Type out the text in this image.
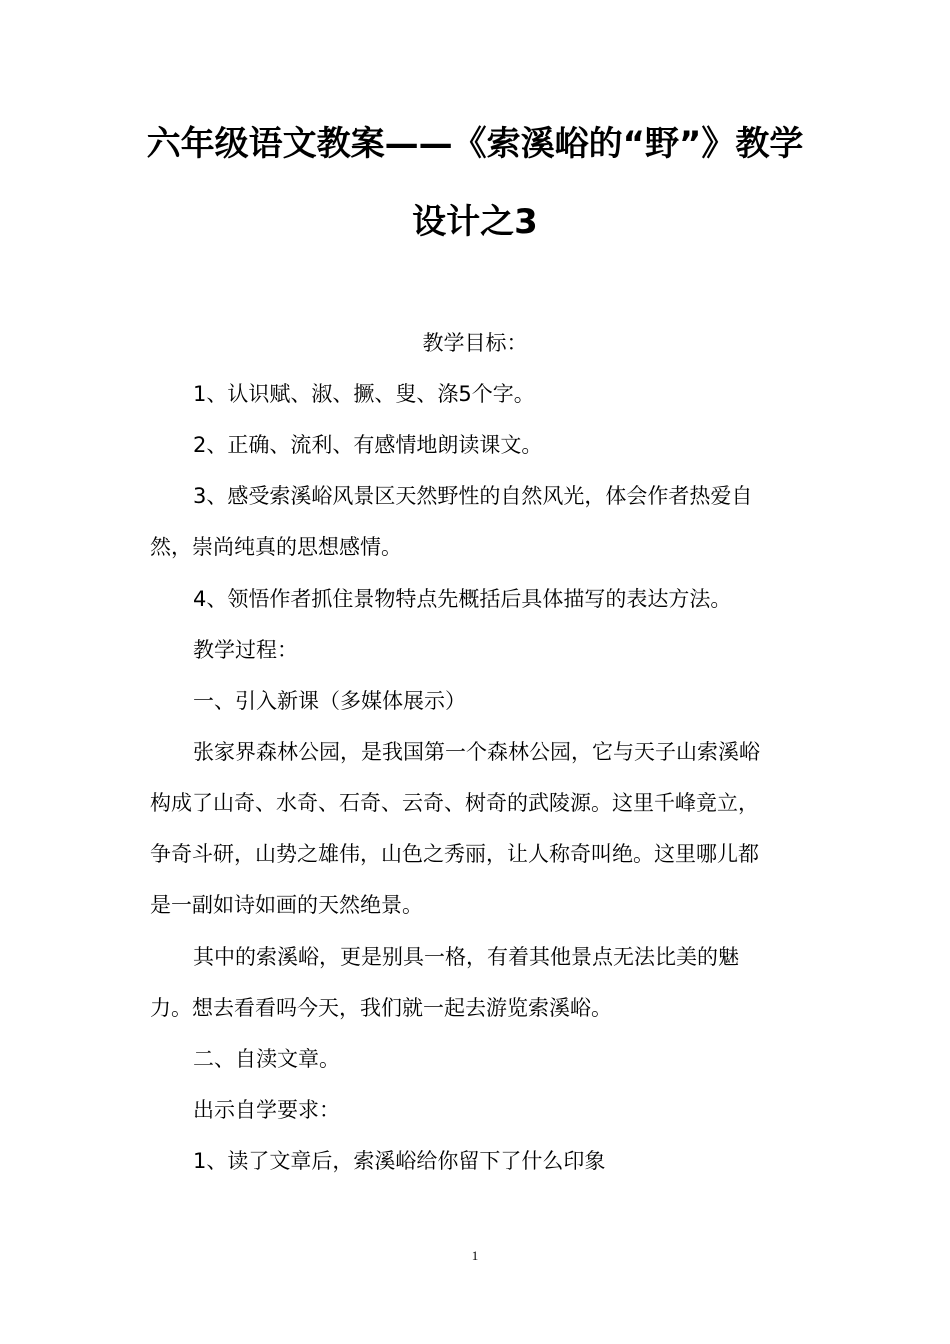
六年级语文教案——《索溪峪的“野”》教学
设计之3

教学目标：

1、认识赋、淑、撅、叟、涤5个字。

2、正确、流利、有感情地朗读课文。

3、感受索溪峪风景区天然野性的自然风光，体会作者热爱自

然，崇尚纯真的思想感情。

4、领悟作者抓住景物特点先概括后具体描写的表达方法。

教学过程：

一、引入新课（多媒体展示）

张家界森林公园，是我国第一个森林公园，它与天子山索溪峪

构成了山奇、水奇、石奇、云奇、树奇的武陵源。这里千峰竟立，

争奇斗研，山势之雄伟，山色之秀丽，让人称奇叫绝。这里哪儿都

是一副如诗如画的天然绝景。

其中的索溪峪，更是别具一格，有着其他景点无法比美的魅

力。想去看看吗今天，我们就一起去游览索溪峪。

二、自渎文章。

出示自学要求：

1、读了文章后，索溪峪给你留下了什么印象

1
